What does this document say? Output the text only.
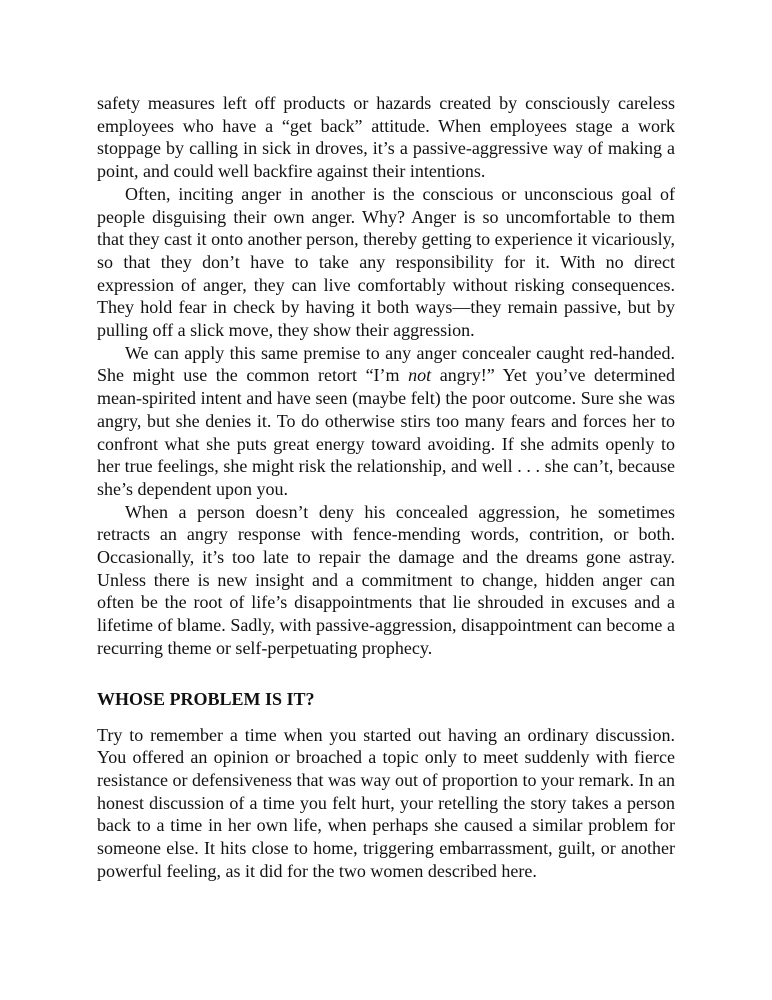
safety measures left off products or hazards created by consciously careless employees who have a “get back” attitude. When employees stage a work stoppage by calling in sick in droves, it’s a passive-aggressive way of making a point, and could well backfire against their intentions.

Often, inciting anger in another is the conscious or unconscious goal of people disguising their own anger. Why? Anger is so uncomfortable to them that they cast it onto another person, thereby getting to experience it vicariously, so that they don’t have to take any responsibility for it. With no direct expression of anger, they can live comfortably without risking consequences. They hold fear in check by having it both ways—they remain passive, but by pulling off a slick move, they show their aggression.

We can apply this same premise to any anger concealer caught red-handed. She might use the common retort “I’m not angry!” Yet you’ve determined mean-spirited intent and have seen (maybe felt) the poor outcome. Sure she was angry, but she denies it. To do otherwise stirs too many fears and forces her to confront what she puts great energy toward avoiding. If she admits openly to her true feelings, she might risk the relationship, and well . . . she can’t, because she’s dependent upon you.

When a person doesn’t deny his concealed aggression, he sometimes retracts an angry response with fence-mending words, contrition, or both. Occasionally, it’s too late to repair the damage and the dreams gone astray. Unless there is new insight and a commitment to change, hidden anger can often be the root of life’s disappointments that lie shrouded in excuses and a lifetime of blame. Sadly, with passive-aggression, disappointment can become a recurring theme or self-perpetuating prophecy.

WHOSE PROBLEM IS IT?

Try to remember a time when you started out having an ordinary discussion. You offered an opinion or broached a topic only to meet suddenly with fierce resistance or defensiveness that was way out of proportion to your remark. In an honest discussion of a time you felt hurt, your retelling the story takes a person back to a time in her own life, when perhaps she caused a similar problem for someone else. It hits close to home, triggering embarrassment, guilt, or another powerful feeling, as it did for the two women described here.
